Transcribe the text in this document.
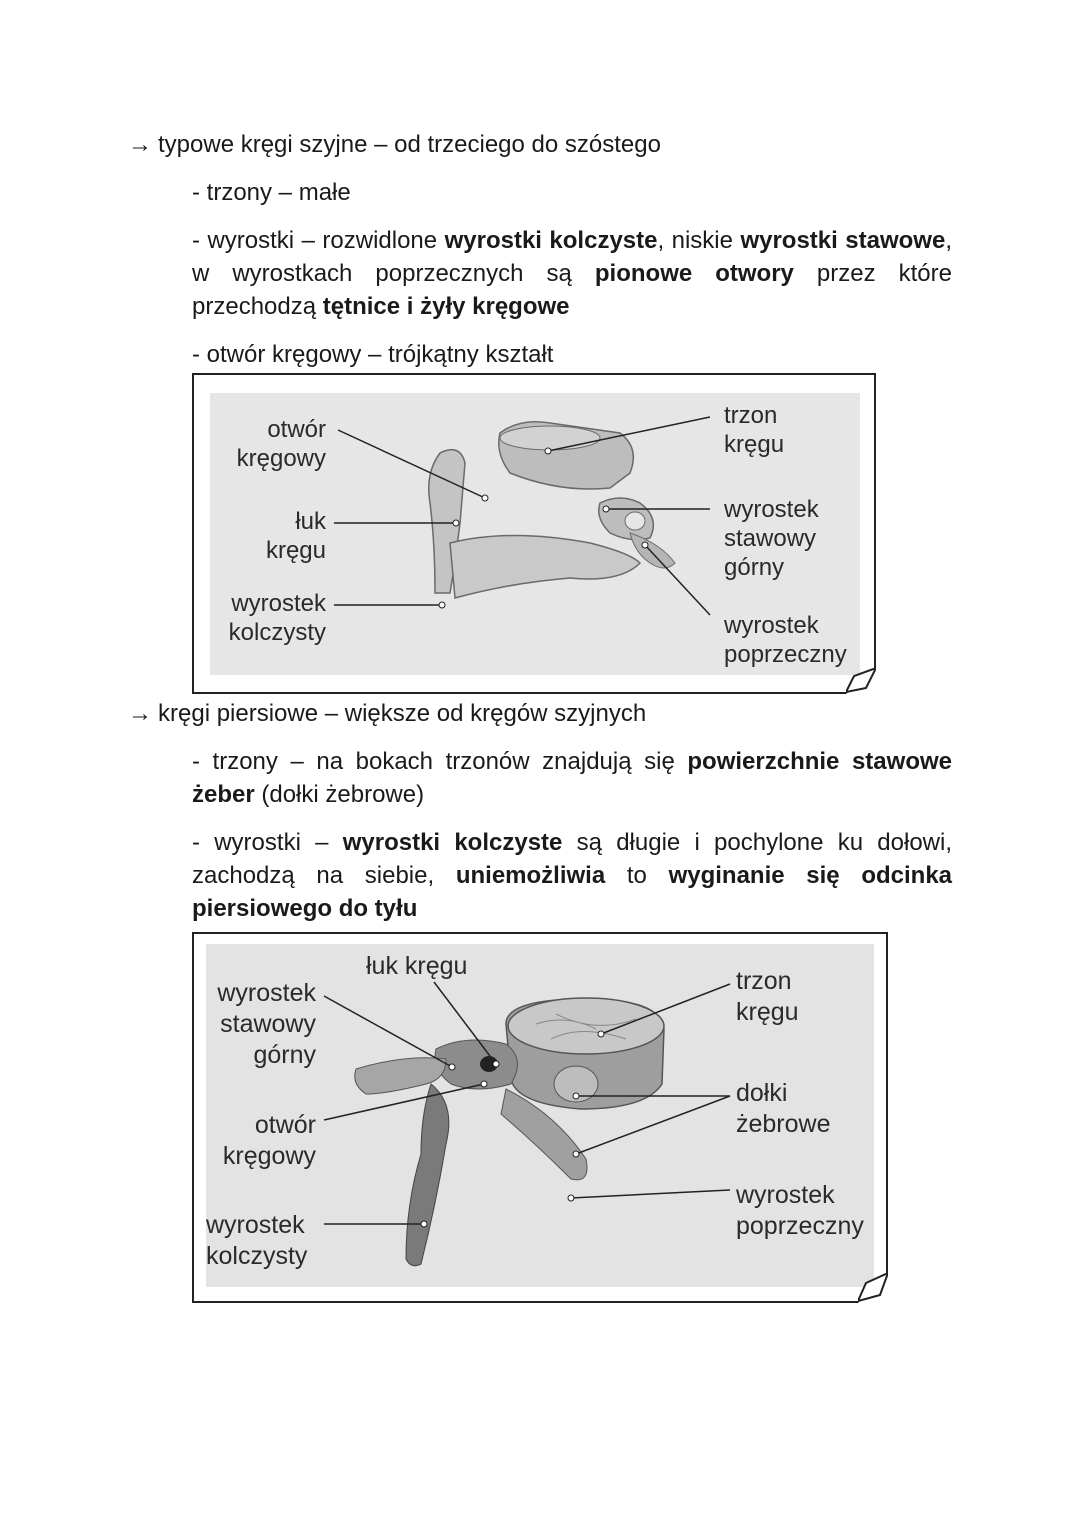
→ typowe kręgi szyjne – od trzeciego do szóstego
- trzony – małe
- wyrostki – rozwidlone wyrostki kolczyste, niskie wyrostki stawowe, w wyrostkach poprzecznych są pionowe otwory przez które przechodzą tętnice i żyły kręgowe
- otwór kręgowy – trójkątny kształt
otwór
kręgowy
łuk
kręgu
wyrostek
kolczysty
trzon
kręgu
wyrostek
stawowy
górny
wyrostek
poprzeczny
→ kręgi piersiowe – większe od kręgów szyjnych
- trzony – na bokach trzonów znajdują się powierzchnie stawowe żeber (dołki żebrowe)
- wyrostki – wyrostki kolczyste są długie i pochylone ku dołowi, zachodzą na siebie, uniemożliwia to wyginanie się odcinka piersiowego do tyłu
łuk kręgu
wyrostek
stawowy
górny
otwór
kręgowy
wyrostek
kolczysty
trzon
kręgu
dołki
żebrowe
wyrostek
poprzeczny
